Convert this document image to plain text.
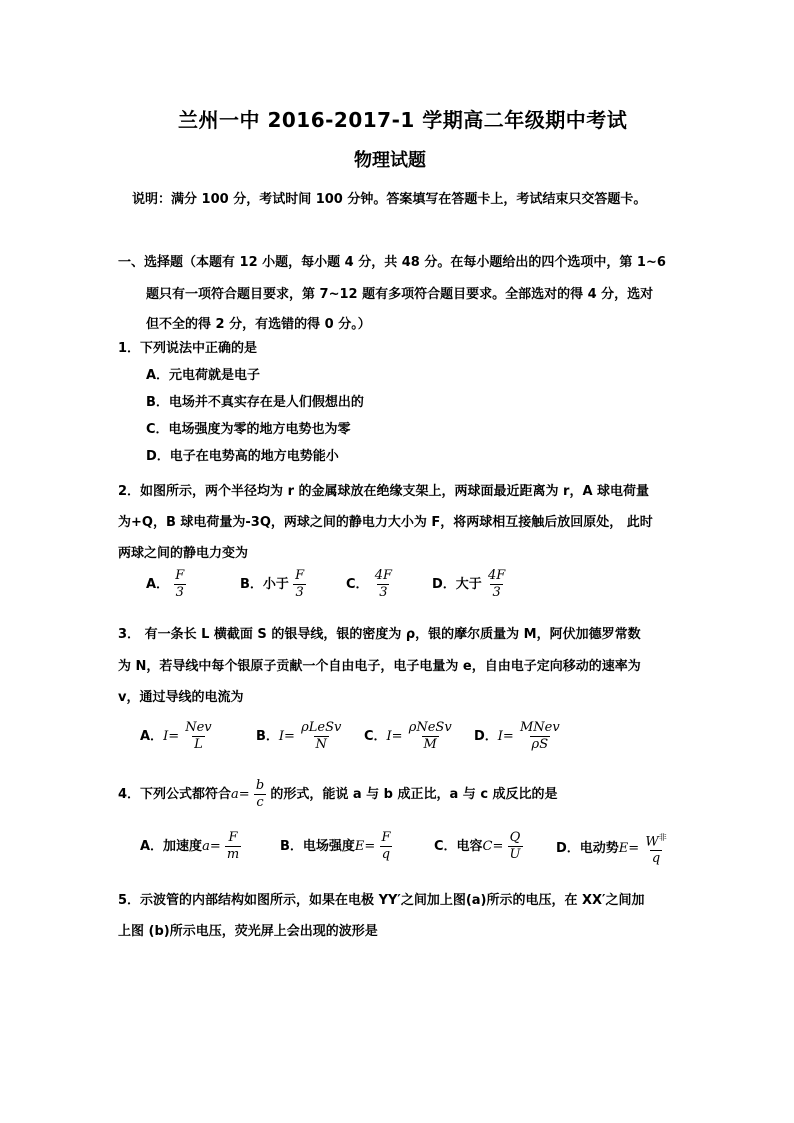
兰州一中 2016-2017-1 学期高二年级期中考试
物理试题
说明：满分 100 分，考试时间 100 分钟。答案填写在答题卡上，考试结束只交答题卡。
一、选择题（本题有 12 小题，每小题 4 分，共 48 分。在每小题给出的四个选项中，第 1~6
题只有一项符合题目要求，第 7~12 题有多项符合题目要求。全部选对的得 4 分，选对
但不全的得 2 分，有选错的得 0 分。）
1．下列说法中正确的是
A．元电荷就是电子
B．电场并不真实存在是人们假想出的
C．电场强度为零的地方电势也为零
D．电子在电势高的地方电势能小
2．如图所示，两个半径均为 r 的金属球放在绝缘支架上，两球面最近距离为 r，A 球电荷量
为+Q，B 球电荷量为-3Q，两球之间的静电力大小为 F，将两球相互接触后放回原处， 此时
两球之间的静电力变为
A． $\frac{F}{3}$	B．小于 $\frac{F}{3}$	C． $\frac{4F}{3}$	D．大于 $\frac{4F}{3}$
3． 有一条长 L 横截面 S 的银导线，银的密度为 ρ，银的摩尔质量为 M，阿伏加德罗常数
为 N，若导线中每个银原子贡献一个自由电子，电子电量为 e，自由电子定向移动的速率为
v，通过导线的电流为
A．$I= \frac{\text{Nev}}{L}$	B．$I= \frac{\text{ρLeSv}}{N}$ C．$I= \frac{\text{ρNeSv}}{M}$ D．$I= \frac{\text{MNev}}{\rho S}$
4．下列公式都符合$a= \frac{b}{c}$ 的形式，能说 a 与 b 成正比，a 与 c 成反比的是
A．加速度$a= \frac{F}{m}$	B．电场强度$E= \frac{F}{q}$	C．电容$C= \frac{Q}{U}$	D．电动势$E= \frac{W^非}{q}$
5．示波管的内部结构如图所示，如果在电极 YY′之间加上图(a)所示的电压，在 XX′之间加
上图 (b)所示电压，荧光屏上会出现的波形是
